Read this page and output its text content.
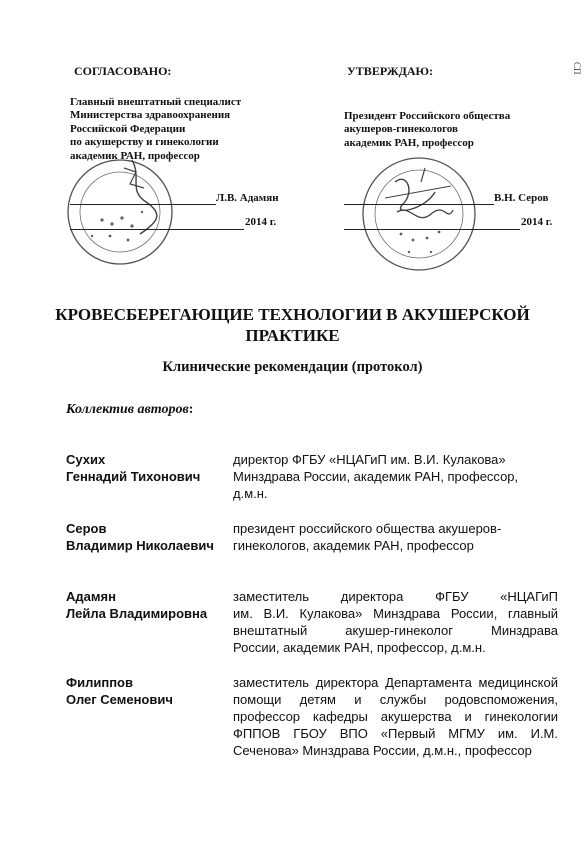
СП
СОГЛАСОВАНО:
Главный внештатный специалист
Министерства здравоохранения
Российской Федерации
по акушерству и гинекологии
академик РАН, профессор
Л.В. Адамян
2014 г.
УТВЕРЖДАЮ:
Президент Российского общества
акушеров-гинекологов
академик РАН, профессор
В.Н. Серов
2014 г.
КРОВЕСБЕРЕГАЮЩИЕ ТЕХНОЛОГИИ В АКУШЕРСКОЙ
ПРАКТИКЕ
Клинические рекомендации (протокол)
Коллектив авторов:
Сухих
Геннадий Тихонович
директор ФГБУ «НЦАГиП им. В.И. Кулакова»
Минздрава России, академик РАН, профессор,
д.м.н.
Серов
Владимир Николаевич
президент российского общества акушеров-
гинекологов, академик РАН, профессор
Адамян
Лейла Владимировна
заместитель директора ФГБУ «НЦАГиП
им. В.И. Кулакова» Минздрава России, главный
внештатный акушер-гинеколог Минздрава
России, академик РАН, профессор, д.м.н.
Филиппов
Олег Семенович
заместитель директора Департамента медицинской
помощи детям и службы родовспоможения,
профессор кафедры акушерства и гинекологии
ФППОВ ГБОУ ВПО «Первый МГМУ им. И.М.
Сеченова» Минздрава России, д.м.н., профессор
